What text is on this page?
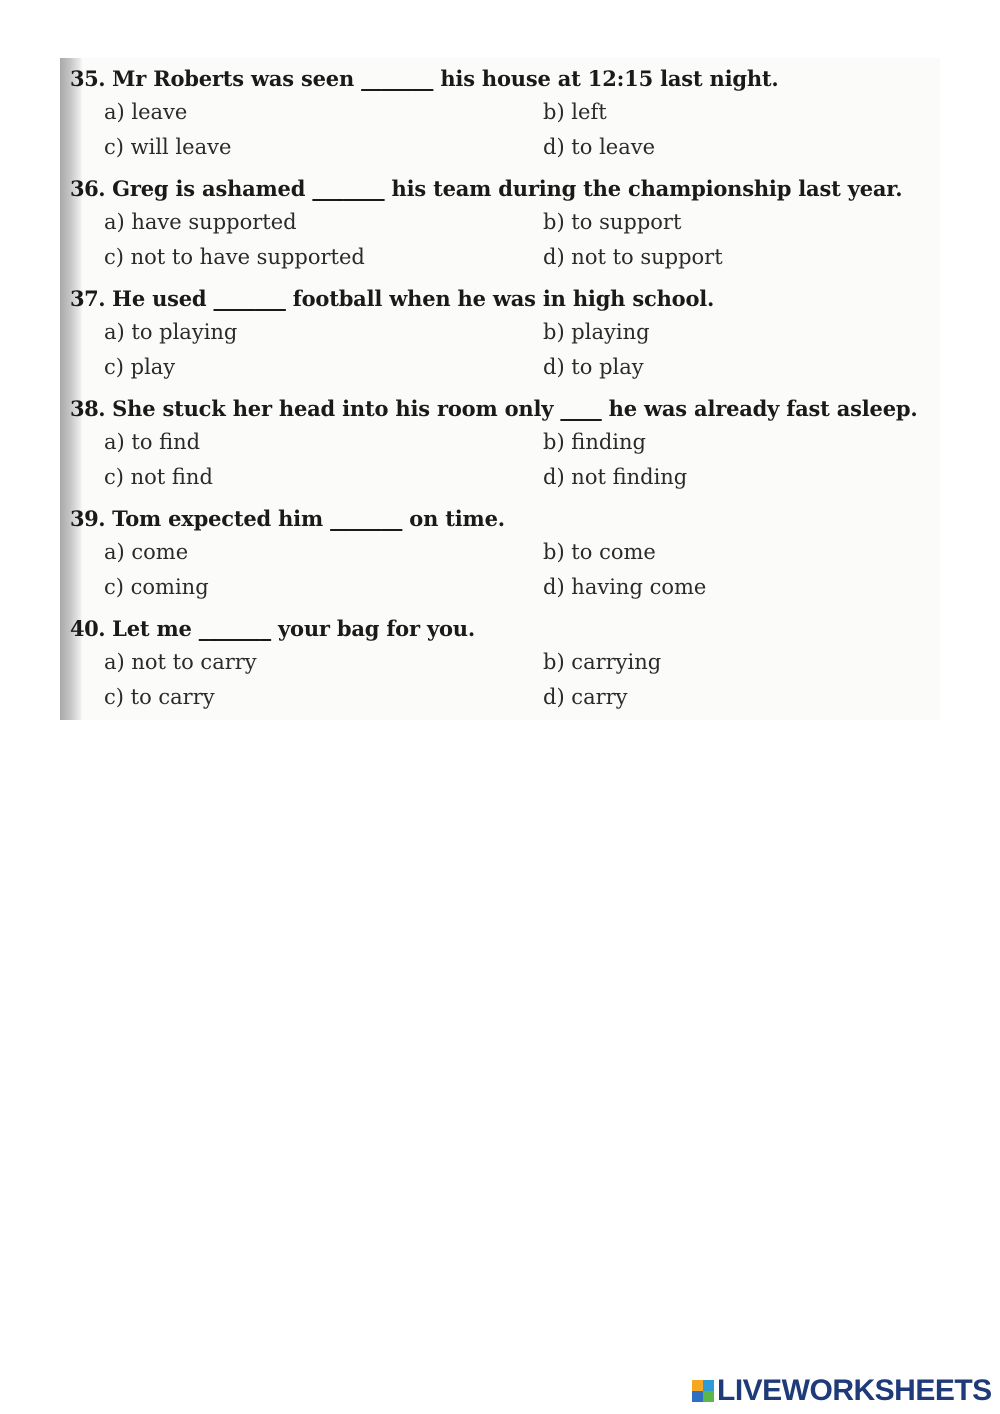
35. Mr Roberts was seen _______ his house at 12:15 last night.
a) leave	b) left
c) will leave	d) to leave
36. Greg is ashamed _______ his team during the championship last year.
a) have supported	b) to support
c) not to have supported	d) not to support
37. He used _______ football when he was in high school.
a) to playing	b) playing
c) play	d) to play
38. She stuck her head into his room only ____ he was already fast asleep.
a) to find	b) finding
c) not find	d) not finding
39. Tom expected him _______ on time.
a) come	b) to come
c) coming	d) having come
40. Let me _______ your bag for you.
a) not to carry	b) carrying
c) to carry	d) carry
LIVEWORKSHEETS
